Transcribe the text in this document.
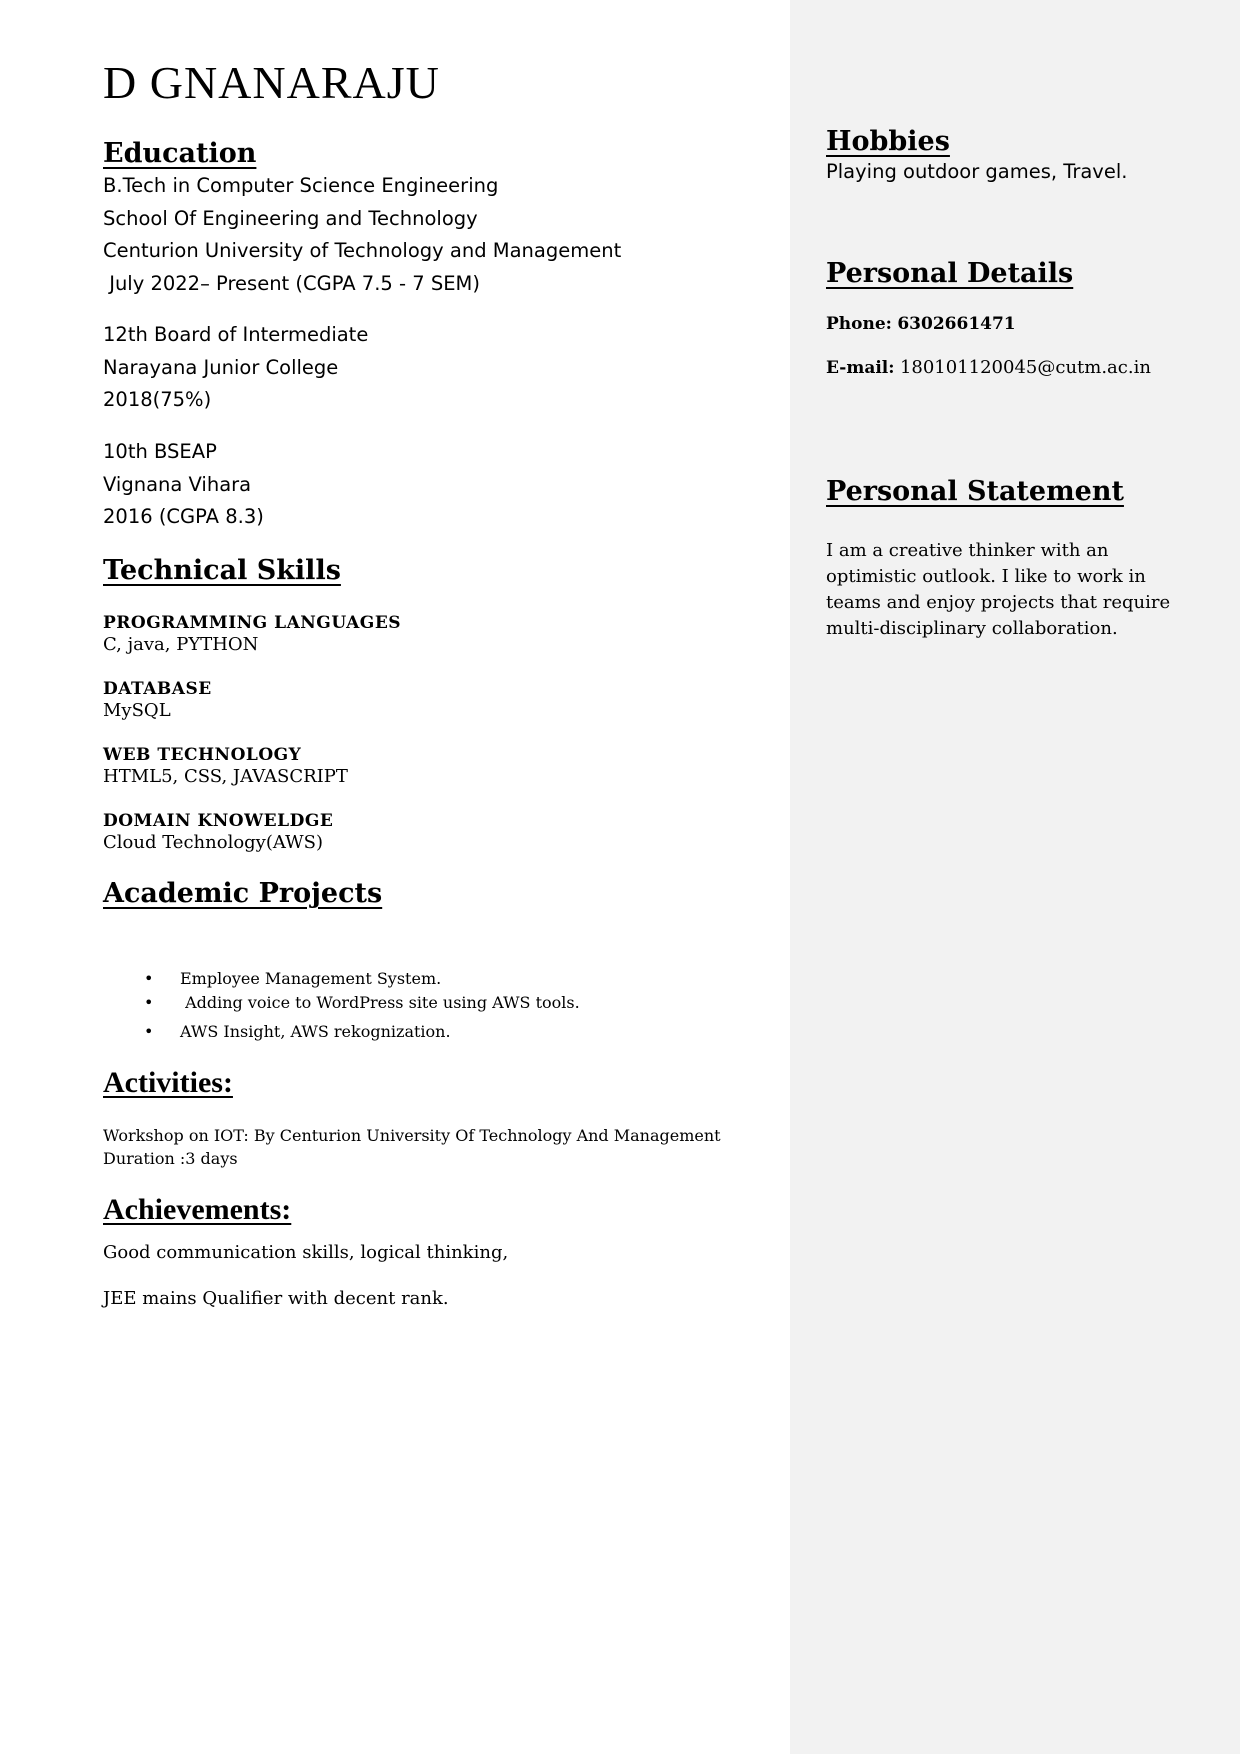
D GNANARAJU
Education
B.Tech in Computer Science Engineering
School Of Engineering and Technology
Centurion University of Technology and Management
July 2022– Present (CGPA 7.5 - 7 SEM)
12th Board of Intermediate
Narayana Junior College
2018(75%)
10th BSEAP
Vignana Vihara
2016 (CGPA 8.3)
Technical Skills
PROGRAMMING LANGUAGES
C, java, PYTHON
DATABASE
MySQL
WEB TECHNOLOGY
HTML5, CSS, JAVASCRIPT
DOMAIN KNOWELDGE
Cloud Technology(AWS)
Academic Projects
• Employee Management System.
• Adding voice to WordPress site using AWS tools.
• AWS Insight, AWS rekognization.
Activities:
Workshop on IOT: By Centurion University Of Technology And Management
Duration :3 days
Achievements:
Good communication skills, logical thinking,
JEE mains Qualifier with decent rank.
Hobbies
Playing outdoor games, Travel.
Personal Details
Phone: 6302661471
E-mail: 180101120045@cutm.ac.in
Personal Statement
I am a creative thinker with an
optimistic outlook. I like to work in
teams and enjoy projects that require
multi-disciplinary collaboration.
